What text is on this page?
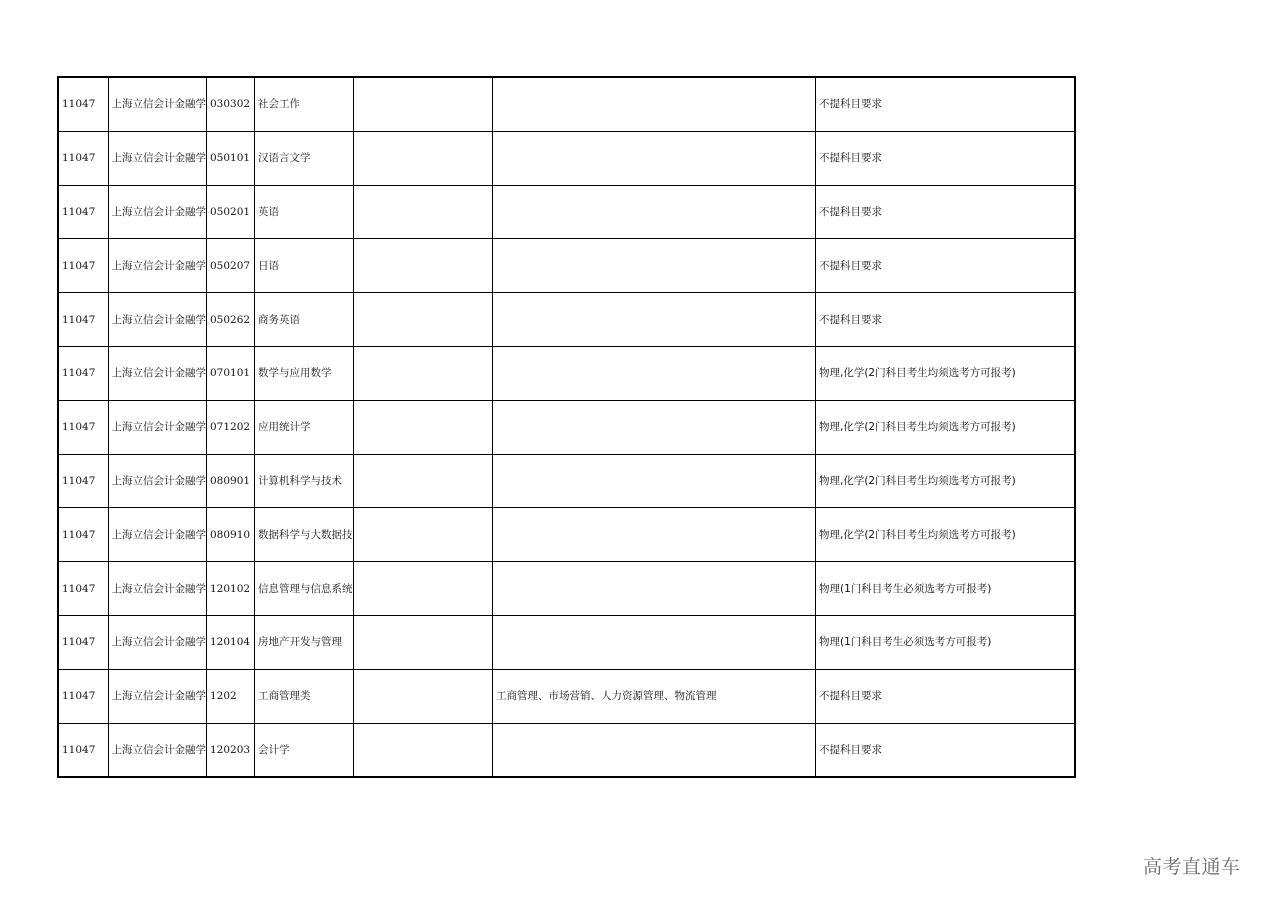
11047	上海立信会计金融学	030302	社会工作			不提科目要求
11047	上海立信会计金融学	050101	汉语言文学			不提科目要求
11047	上海立信会计金融学	050201	英语			不提科目要求
11047	上海立信会计金融学	050207	日语			不提科目要求
11047	上海立信会计金融学	050262	商务英语			不提科目要求
11047	上海立信会计金融学	070101	数学与应用数学			物理,化学(2门科目考生均须选考方可报考)
11047	上海立信会计金融学	071202	应用统计学			物理,化学(2门科目考生均须选考方可报考)
11047	上海立信会计金融学	080901	计算机科学与技术			物理,化学(2门科目考生均须选考方可报考)
11047	上海立信会计金融学	080910	数据科学与大数据技			物理,化学(2门科目考生均须选考方可报考)
11047	上海立信会计金融学	120102	信息管理与信息系统			物理(1门科目考生必须选考方可报考)
11047	上海立信会计金融学	120104	房地产开发与管理			物理(1门科目考生必须选考方可报考)
11047	上海立信会计金融学	1202	工商管理类		工商管理、市场营销、人力资源管理、物流管理	不提科目要求
11047	上海立信会计金融学	120203	会计学			不提科目要求
高考直通车
